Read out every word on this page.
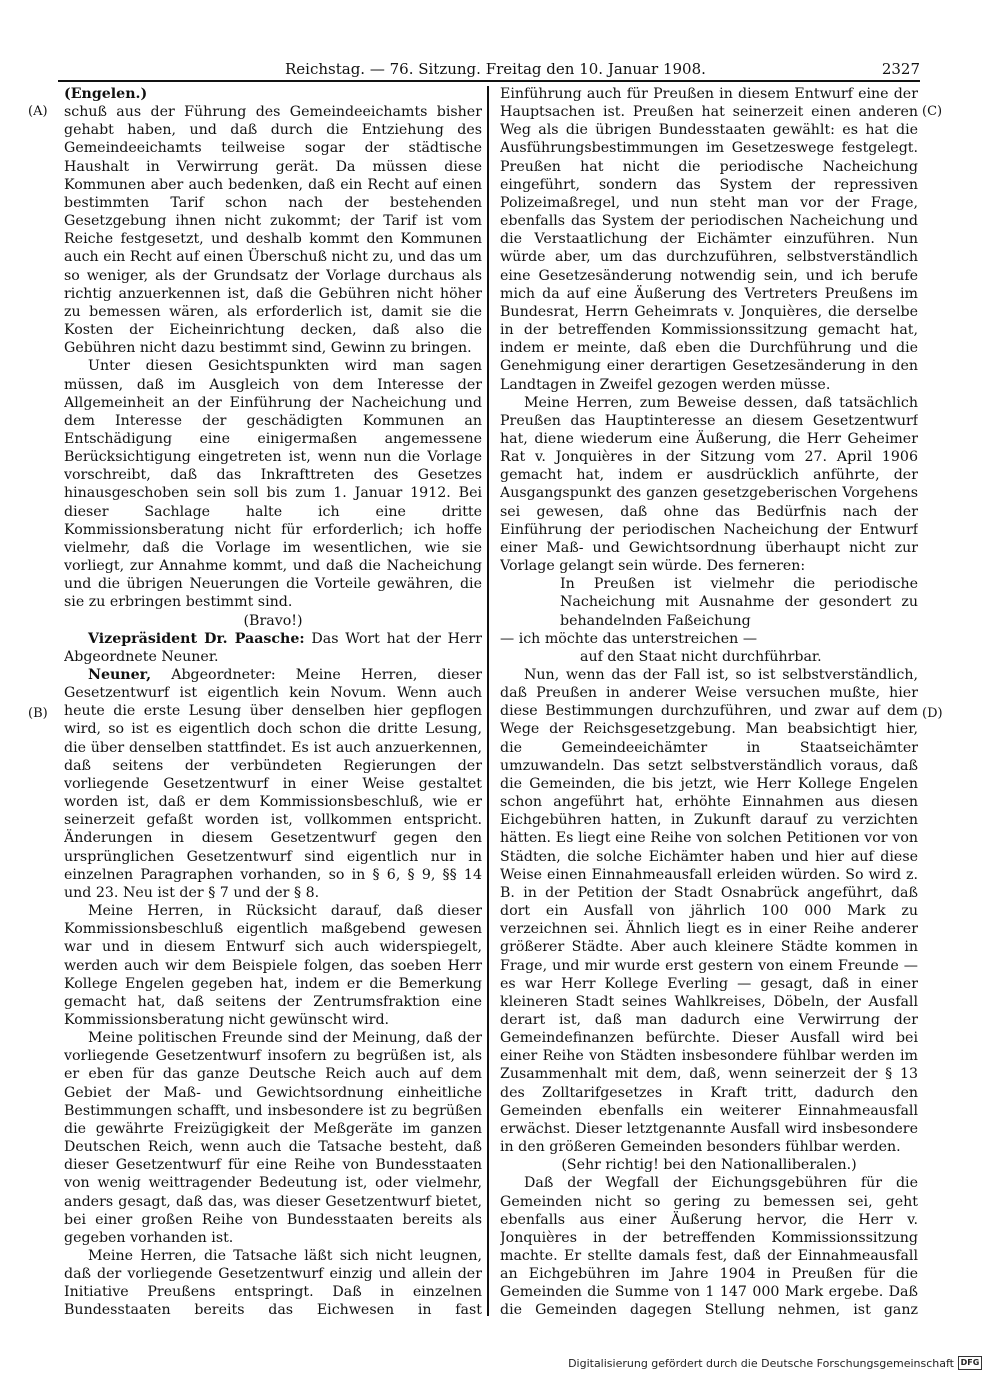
Reichstag. — 76. Sitzung. Freitag den 10. Januar 1908.	2327
(A)
(B)
(C)
(D)

(Engelen.)

schuß aus der Führung des Gemeindeeichamts bisher gehabt haben, und daß durch die Entziehung des Gemeindeeichamts teilweise sogar der städtische Haushalt in Verwirrung gerät. Da müssen diese Kommunen aber auch bedenken, daß ein Recht auf einen bestimmten Tarif schon nach der bestehenden Gesetzgebung ihnen nicht zukommt; der Tarif ist vom Reiche festgesetzt, und deshalb kommt den Kommunen auch ein Recht auf einen Überschuß nicht zu, und das um so weniger, als der Grundsatz der Vorlage durchaus als richtig anzuerkennen ist, daß die Gebühren nicht höher zu bemessen wären, als erforderlich ist, damit sie die Kosten der Eicheinrichtung decken, daß also die Gebühren nicht dazu bestimmt sind, Gewinn zu bringen.

Unter diesen Gesichtspunkten wird man sagen müssen, daß im Ausgleich von dem Interesse der Allgemeinheit an der Einführung der Nacheichung und dem Interesse der geschädigten Kommunen an Entschädigung eine einigermaßen angemessene Berücksichtigung eingetreten ist, wenn nun die Vorlage vorschreibt, daß das Inkrafttreten des Gesetzes hinausgeschoben sein soll bis zum 1. Januar 1912. Bei dieser Sachlage halte ich eine dritte Kommissionsberatung nicht für erforderlich; ich hoffe vielmehr, daß die Vorlage im wesentlichen, wie sie vorliegt, zur Annahme kommt, und daß die Nacheichung und die übrigen Neuerungen die Vorteile gewähren, die sie zu erbringen bestimmt sind.

(Bravo!)

Vizepräsident Dr. Paasche: Das Wort hat der Herr Abgeordnete Neuner.

Neuner, Abgeordneter: Meine Herren, dieser Gesetzentwurf ist eigentlich kein Novum. Wenn auch heute die erste Lesung über denselben hier gepflogen wird, so ist es eigentlich doch schon die dritte Lesung, die über denselben stattfindet. Es ist auch anzuerkennen, daß seitens der verbündeten Regierungen der vorliegende Gesetzentwurf in einer Weise gestaltet worden ist, daß er dem Kommissionsbeschluß, wie er seinerzeit gefaßt worden ist, vollkommen entspricht. Änderungen in diesem Gesetzentwurf gegen den ursprünglichen Gesetzentwurf sind eigentlich nur in einzelnen Paragraphen vorhanden, so in § 6, § 9, §§ 14 und 23. Neu ist der § 7 und der § 8.

Meine Herren, in Rücksicht darauf, daß dieser Kommissionsbeschluß eigentlich maßgebend gewesen war und in diesem Entwurf sich auch widerspiegelt, werden auch wir dem Beispiele folgen, das soeben Herr Kollege Engelen gegeben hat, indem er die Bemerkung gemacht hat, daß seitens der Zentrumsfraktion eine Kommissionsberatung nicht gewünscht wird.

Meine politischen Freunde sind der Meinung, daß der vorliegende Gesetzentwurf insofern zu begrüßen ist, als er eben für das ganze Deutsche Reich auch auf dem Gebiet der Maß- und Gewichtsordnung einheitliche Bestimmungen schafft, und insbesondere ist zu begrüßen die gewährte Freizügigkeit der Meßgeräte im ganzen Deutschen Reich, wenn auch die Tatsache besteht, daß dieser Gesetzentwurf für eine Reihe von Bundesstaaten von wenig weittragender Bedeutung ist, oder vielmehr, anders gesagt, daß das, was dieser Gesetzentwurf bietet, bei einer großen Reihe von Bundesstaaten bereits als gegeben vorhanden ist.

Meine Herren, die Tatsache läßt sich nicht leugnen, daß der vorliegende Gesetzentwurf einzig und allein der Initiative Preußens entspringt. Daß in einzelnen Bundesstaaten bereits das Eichwesen in fast

Einführung auch für Preußen in diesem Entwurf eine der Hauptsachen ist. Preußen hat seinerzeit einen anderen Weg als die übrigen Bundesstaaten gewählt: es hat die Ausführungsbestimmungen im Gesetzeswege festgelegt. Preußen hat nicht die periodische Nacheichung eingeführt, sondern das System der repressiven Polizeimaßregel, und nun steht man vor der Frage, ebenfalls das System der periodischen Nacheichung und die Verstaatlichung der Eichämter einzuführen. Nun würde aber, um das durchzuführen, selbstverständlich eine Gesetzesänderung notwendig sein, und ich berufe mich da auf eine Äußerung des Vertreters Preußens im Bundesrat, Herrn Geheimrats v. Jonquières, die derselbe in der betreffenden Kommissionssitzung gemacht hat, indem er meinte, daß eben die Durchführung und die Genehmigung einer derartigen Gesetzesänderung in den Landtagen in Zweifel gezogen werden müsse.

Meine Herren, zum Beweise dessen, daß tatsächlich Preußen das Hauptinteresse an diesem Gesetzentwurf hat, diene wiederum eine Äußerung, die Herr Geheimer Rat v. Jonquières in der Sitzung vom 27. April 1906 gemacht hat, indem er ausdrücklich anführte, der Ausgangspunkt des ganzen gesetzgeberischen Vorgehens sei gewesen, daß ohne das Bedürfnis nach der Einführung der periodischen Nacheichung der Entwurf einer Maß- und Gewichtsordnung überhaupt nicht zur Vorlage gelangt sein würde. Des ferneren:

In Preußen ist vielmehr die periodische Nacheichung mit Ausnahme der gesondert zu behandelnden Faßeichung

— ich möchte das unterstreichen —

auf den Staat nicht durchführbar.

Nun, wenn das der Fall ist, so ist selbstverständlich, daß Preußen in anderer Weise versuchen mußte, hier diese Bestimmungen durchzuführen, und zwar auf dem Wege der Reichsgesetzgebung. Man beabsichtigt hier, die Gemeindeeichämter in Staatseichämter umzuwandeln. Das setzt selbstverständlich voraus, daß die Gemeinden, die bis jetzt, wie Herr Kollege Engelen schon angeführt hat, erhöhte Einnahmen aus diesen Eichgebühren hatten, in Zukunft darauf zu verzichten hätten. Es liegt eine Reihe von solchen Petitionen vor von Städten, die solche Eichämter haben und hier auf diese Weise einen Einnahmeausfall erleiden würden. So wird z. B. in der Petition der Stadt Osnabrück angeführt, daß dort ein Ausfall von jährlich 100 000 Mark zu verzeichnen sei. Ähnlich liegt es in einer Reihe anderer größerer Städte. Aber auch kleinere Städte kommen in Frage, und mir wurde erst gestern von einem Freunde — es war Herr Kollege Everling — gesagt, daß in einer kleineren Stadt seines Wahlkreises, Döbeln, der Ausfall derart ist, daß man dadurch eine Verwirrung der Gemeindefinanzen befürchte. Dieser Ausfall wird bei einer Reihe von Städten insbesondere fühlbar werden im Zusammenhalt mit dem, daß, wenn seinerzeit der § 13 des Zolltarifgesetzes in Kraft tritt, dadurch den Gemeinden ebenfalls ein weiterer Einnahmeausfall erwächst. Dieser letztgenannte Ausfall wird insbesondere in den größeren Gemeinden besonders fühlbar werden.

(Sehr richtig! bei den Nationalliberalen.)

Daß der Wegfall der Eichungsgebühren für die Gemeinden nicht so gering zu bemessen sei, geht ebenfalls aus einer Äußerung hervor, die Herr v. Jonquières in der betreffenden Kommissionssitzung machte. Er stellte damals fest, daß der Einnahmeausfall an Eichgebühren im Jahre 1904 in Preußen für die Gemeinden die Summe von 1 147 000 Mark ergebe. Daß die Gemeinden dagegen Stellung nehmen, ist ganz

Digitalisierung gefördert durch die Deutsche Forschungsgemeinschaft DFG
